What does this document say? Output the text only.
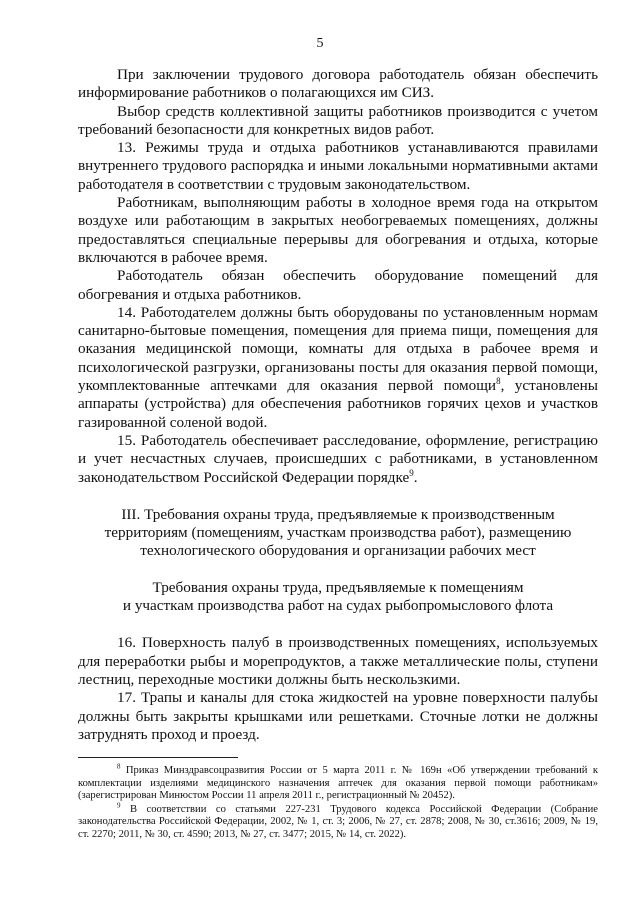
5

При заключении трудового договора работодатель обязан обеспечить информирование работников о полагающихся им СИЗ.

Выбор средств коллективной защиты работников производится с учетом требований безопасности для конкретных видов работ.

13. Режимы труда и отдыха работников устанавливаются правилами внутреннего трудового распорядка и иными локальными нормативными актами работодателя в соответствии с трудовым законодательством.

Работникам, выполняющим работы в холодное время года на открытом воздухе или работающим в закрытых необогреваемых помещениях, должны предоставляться специальные перерывы для обогревания и отдыха, которые включаются в рабочее время.

Работодатель обязан обеспечить оборудование помещений для обогревания и отдыха работников.

14. Работодателем должны быть оборудованы по установленным нормам санитарно-бытовые помещения, помещения для приема пищи, помещения для оказания медицинской помощи, комнаты для отдыха в рабочее время и психологической разгрузки, организованы посты для оказания первой помощи, укомплектованные аптечками для оказания первой помощи$^8$, установлены аппараты (устройства) для обеспечения работников горячих цехов и участков газированной соленой водой.

15. Работодатель обеспечивает расследование, оформление, регистрацию и учет несчастных случаев, происшедших с работниками, в установленном законодательством Российской Федерации порядке$^9$.

III. Требования охраны труда, предъявляемые к производственным
территориям (помещениям, участкам производства работ), размещению
технологического оборудования и организации рабочих мест
Требования охраны труда, предъявляемые к помещениям
и участкам производства работ на судах рыбопромыслового флота

16. Поверхность палуб в производственных помещениях, используемых для переработки рыбы и морепродуктов, а также металлические полы, ступени лестниц, переходные мостики должны быть нескользкими.

17. Трапы и каналы для стока жидкостей на уровне поверхности палубы должны быть закрыты крышками или решетками. Сточные лотки не должны затруднять проход и проезд.

$^8$ Приказ Минздравсоцразвития России от 5 марта 2011 г. № 169н «Об утверждении требований к комплектации изделиями медицинского назначения аптечек для оказания первой помощи работникам» (зарегистрирован Минюстом России 11 апреля 2011 г., регистрационный № 20452).

$^9$ В соответствии со статьями 227-231 Трудового кодекса Российской Федерации (Собрание законодательства Российской Федерации, 2002, № 1, ст. 3; 2006, № 27, ст. 2878; 2008, № 30, ст.3616; 2009, № 19, ст. 2270; 2011, № 30, ст. 4590; 2013, № 27, ст. 3477; 2015, № 14, ст. 2022).
